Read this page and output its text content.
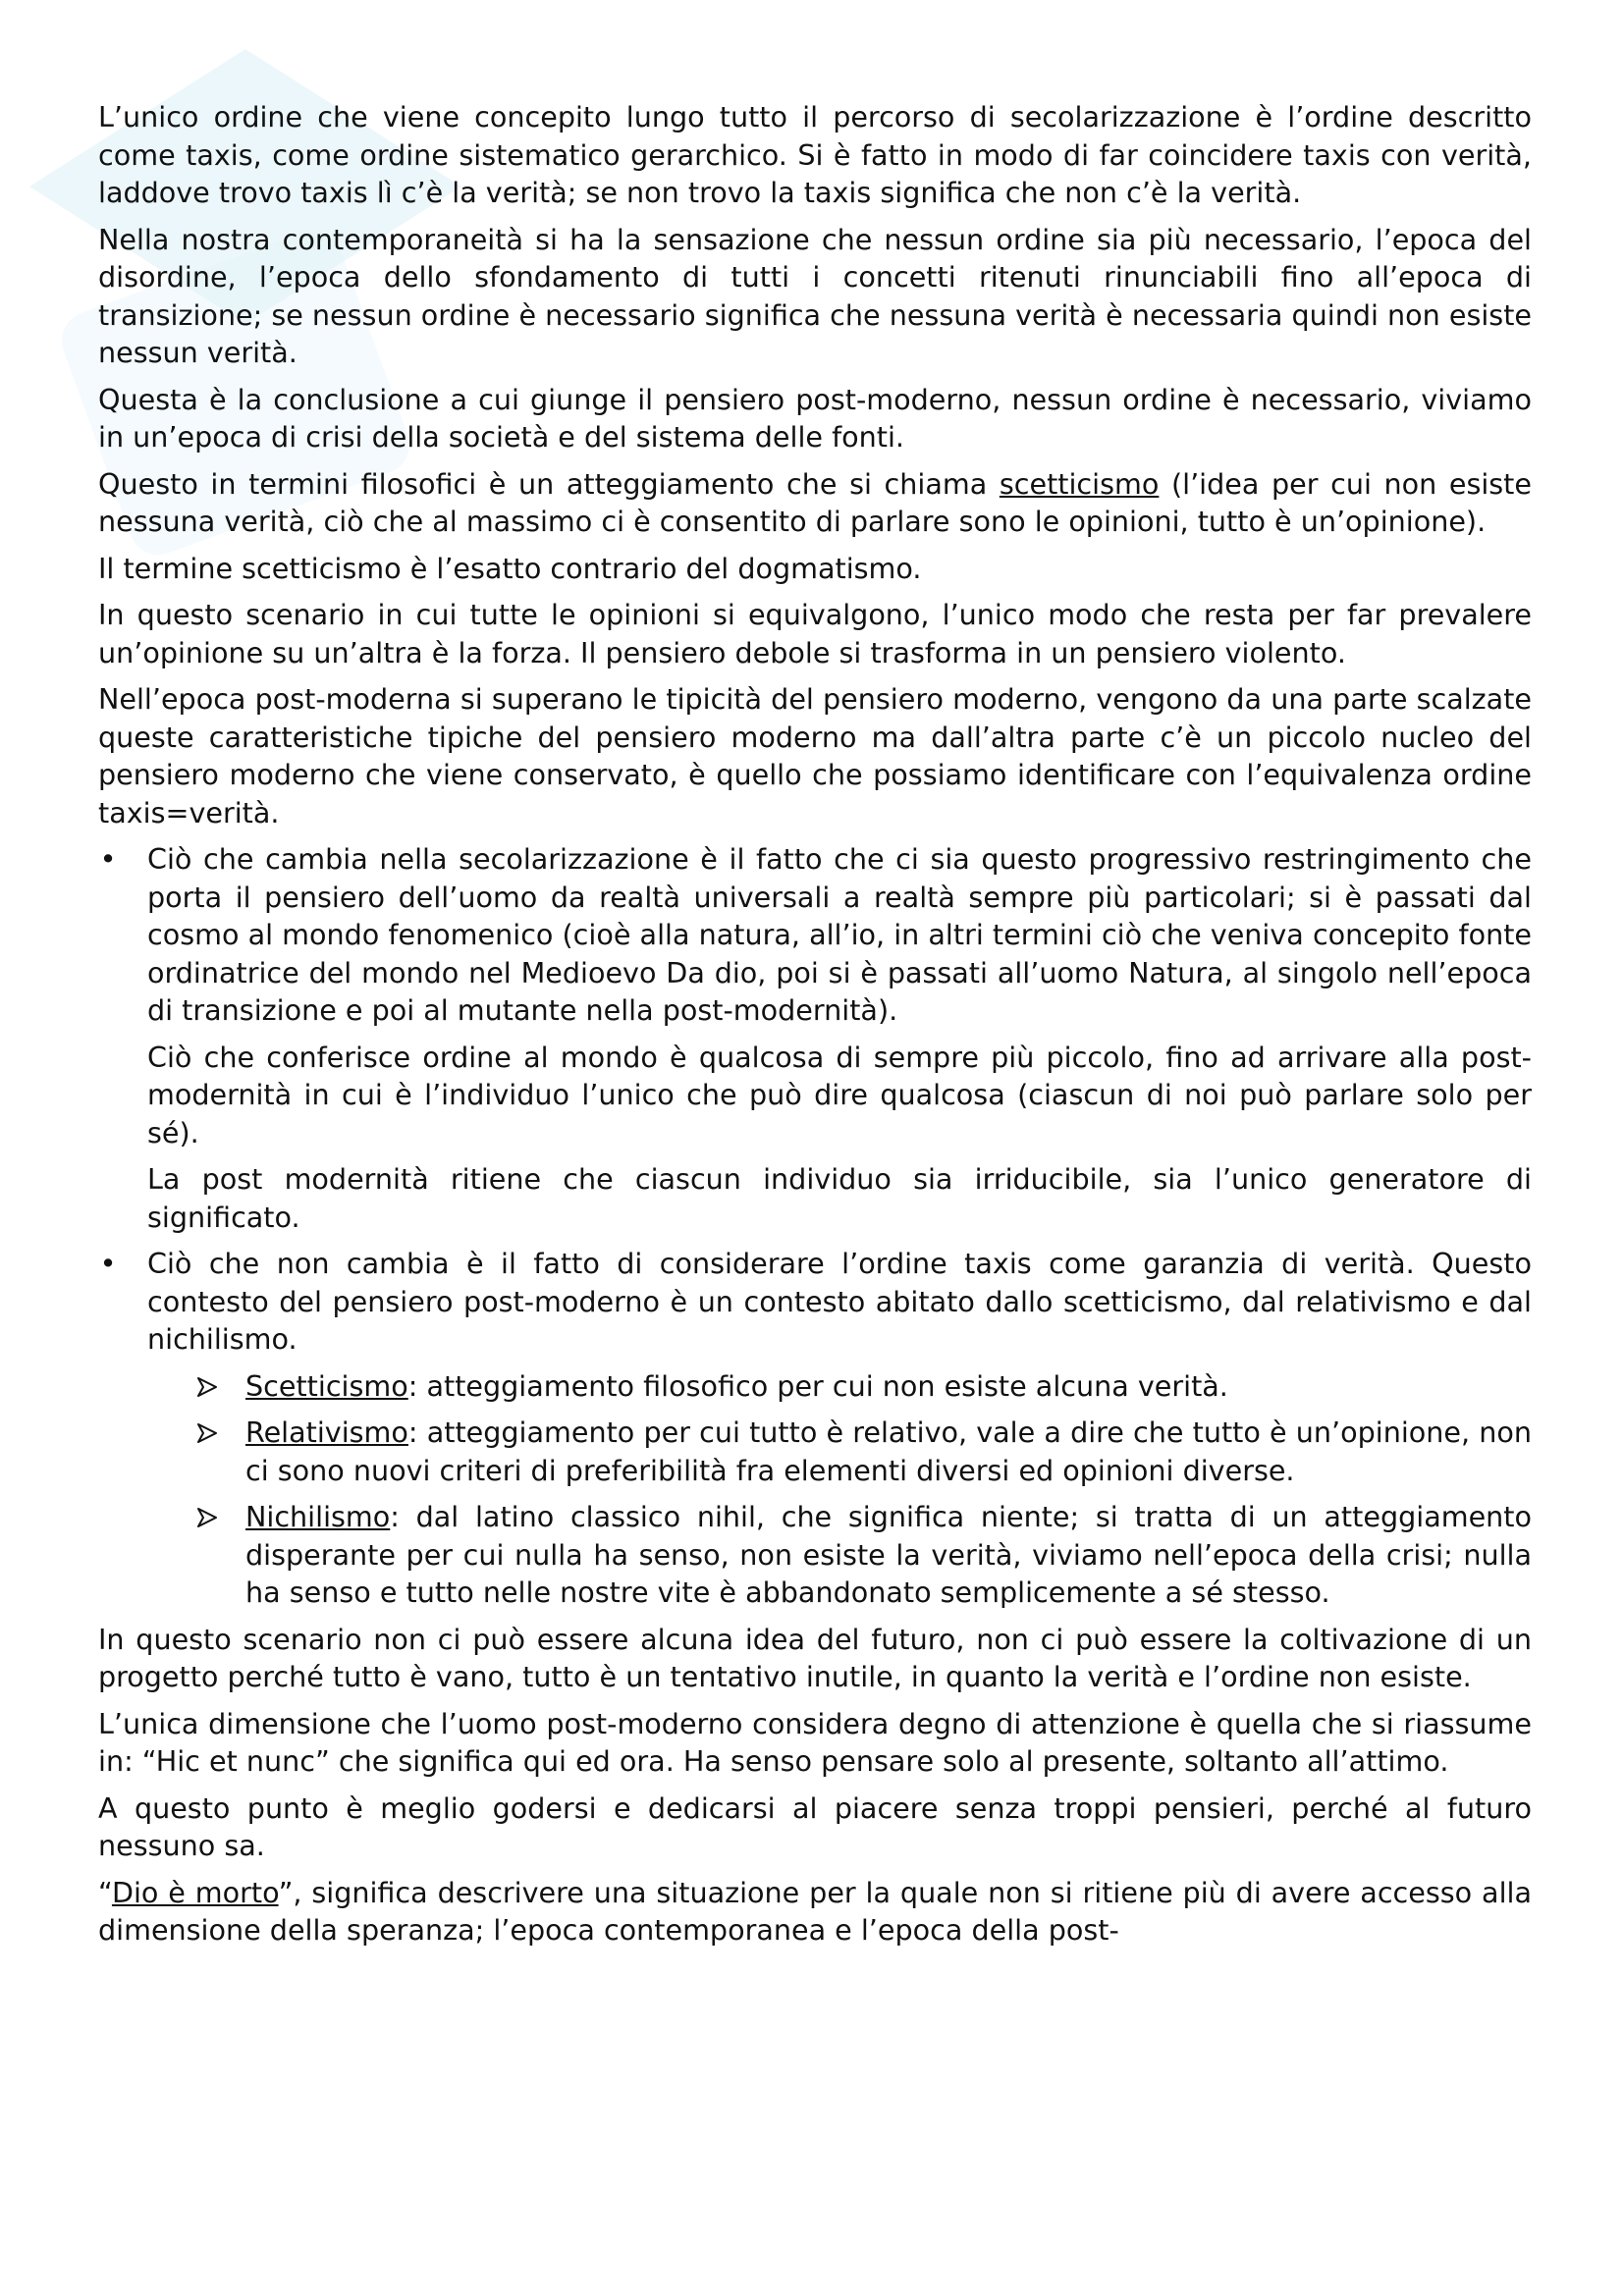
L’unico ordine che viene concepito lungo tutto il percorso di secolarizzazione è l’ordine descritto come taxis, come ordine sistematico gerarchico. Si è fatto in modo di far coincidere taxis con verità, laddove trovo taxis lì c’è la verità; se non trovo la taxis significa che non c’è la verità.

Nella nostra contemporaneità si ha la sensazione che nessun ordine sia più necessario, l’epoca del disordine, l’epoca dello sfondamento di tutti i concetti ritenuti rinunciabili fino all’epoca di transizione; se nessun ordine è necessario significa che nessuna verità è necessaria quindi non esiste nessun verità.

Questa è la conclusione a cui giunge il pensiero post-moderno, nessun ordine è necessario, viviamo in un’epoca di crisi della società e del sistema delle fonti.

Questo in termini filosofici è un atteggiamento che si chiama scetticismo (l’idea per cui non esiste nessuna verità, ciò che al massimo ci è consentito di parlare sono le opinioni, tutto è un’opinione).

Il termine scetticismo è l’esatto contrario del dogmatismo.

In questo scenario in cui tutte le opinioni si equivalgono, l’unico modo che resta per far prevalere un’opinione su un’altra è la forza. Il pensiero debole si trasforma in un pensiero violento.

Nell’epoca post-moderna si superano le tipicità del pensiero moderno, vengono da una parte scalzate queste caratteristiche tipiche del pensiero moderno ma dall’altra parte c’è un piccolo nucleo del pensiero moderno che viene conservato, è quello che possiamo identificare con l’equivalenza ordine taxis=verità.

• Ciò che cambia nella secolarizzazione è il fatto che ci sia questo progressivo restringimento che porta il pensiero dell’uomo da realtà universali a realtà sempre più particolari; si è passati dal cosmo al mondo fenomenico (cioè alla natura, all’io, in altri termini ciò che veniva concepito fonte ordinatrice del mondo nel Medioevo Da dio, poi si è passati all’uomo Natura, al singolo nell’epoca di transizione e poi al mutante nella post-modernità).

Ciò che conferisce ordine al mondo è qualcosa di sempre più piccolo, fino ad arrivare alla post-modernità in cui è l’individuo l’unico che può dire qualcosa (ciascun di noi può parlare solo per sé).

La post modernità ritiene che ciascun individuo sia irriducibile, sia l’unico generatore di significato.

• Ciò che non cambia è il fatto di considerare l’ordine taxis come garanzia di verità. Questo contesto del pensiero post-moderno è un contesto abitato dallo scetticismo, dal relativismo e dal nichilismo.

Scetticismo: atteggiamento filosofico per cui non esiste alcuna verità.
Relativismo: atteggiamento per cui tutto è relativo, vale a dire che tutto è un’opinione, non ci sono nuovi criteri di preferibilità fra elementi diversi ed opinioni diverse.
Nichilismo: dal latino classico nihil, che significa niente; si tratta di un atteggiamento disperante per cui nulla ha senso, non esiste la verità, viviamo nell’epoca della crisi; nulla ha senso e tutto nelle nostre vite è abbandonato semplicemente a sé stesso.

In questo scenario non ci può essere alcuna idea del futuro, non ci può essere la coltivazione di un progetto perché tutto è vano, tutto è un tentativo inutile, in quanto la verità e l’ordine non esiste.

L’unica dimensione che l’uomo post-moderno considera degno di attenzione è quella che si riassume in: “Hic et nunc” che significa qui ed ora. Ha senso pensare solo al presente, soltanto all’attimo.

A questo punto è meglio godersi e dedicarsi al piacere senza troppi pensieri, perché al futuro nessuno sa.

“Dio è morto”, significa descrivere una situazione per la quale non si ritiene più di avere accesso alla dimensione della speranza; l’epoca contemporanea e l’epoca della post-
